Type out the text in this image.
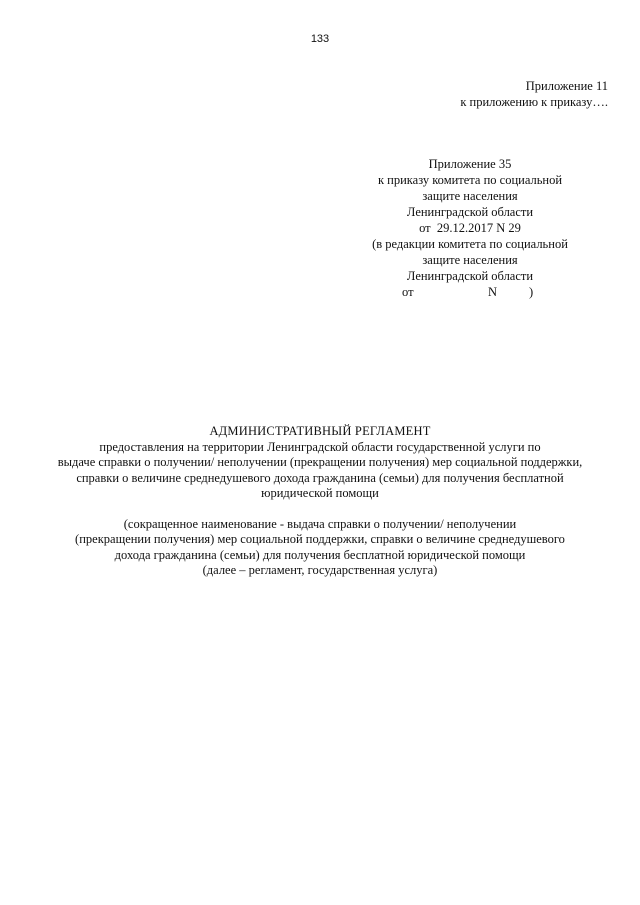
133
Приложение 11
к приложению к приказу….
Приложение 35
к приказу комитета по социальной
защите населения
Ленинградской области
от  29.12.2017 N 29
(в редакции комитета по социальной
защите населения
Ленинградской области

от

	N

	)

АДМИНИСТРАТИВНЫЙ РЕГЛАМЕНТ
предоставления на территории Ленинградской области государственной услуги по
выдаче справки о получении/ неполучении (прекращении получения) мер социальной поддержки,
справки о величине среднедушевого дохода гражданина (семьи) для получения бесплатной
юридической помощи
(сокращенное наименование - выдача справки о получении/ неполучении
(прекращении получения) мер социальной поддержки, справки о величине среднедушевого
дохода гражданина (семьи) для получения бесплатной юридической помощи
(далее – регламент, государственная услуга)
